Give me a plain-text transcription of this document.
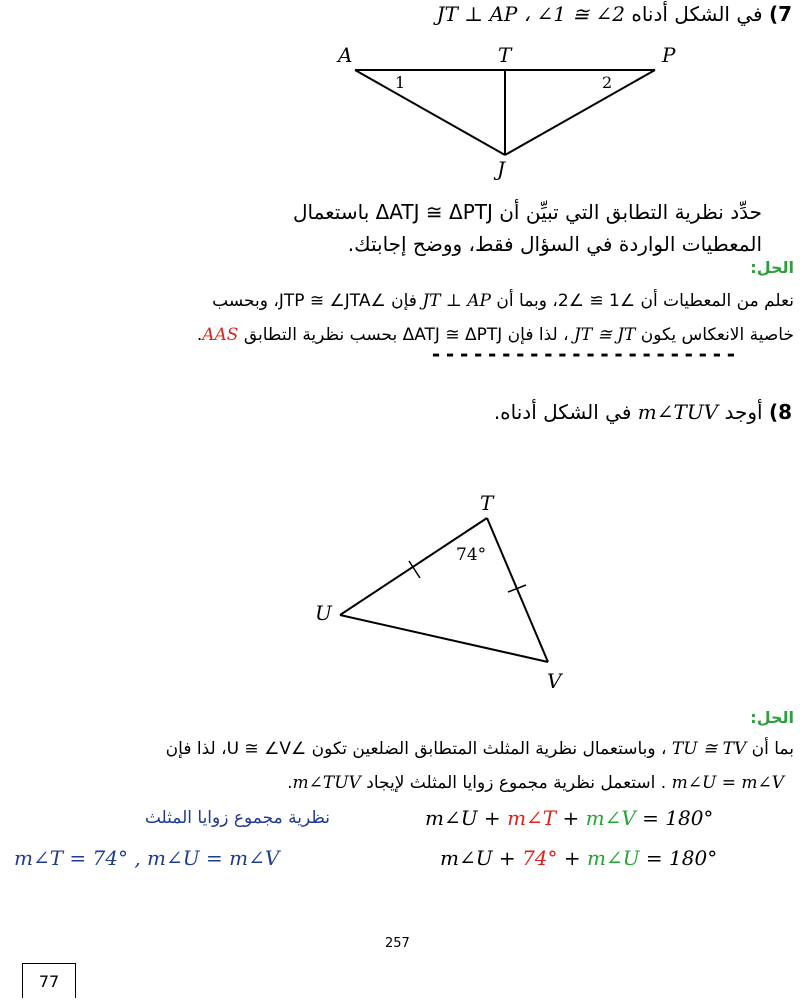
7) في الشكل أدناه JT ⊥ AP ، ∠1 ≅ ∠2
A	T	P
J
1	2
حدِّد نظرية التطابق التي تبيِّن أن ΔATJ ≅ ΔPTJ باستعمال
المعطيات الواردة في السؤال فقط، ووضح إجابتك.
الحل:
نعلم من المعطيات أن ∠1 ≅ ∠2، وبما أن JT ⊥ AP فإن ∠JTP ≅ ∠JTA، وبحسب
خاصية الانعكاس يكون JT ≅ JT ، لذا فإن ΔATJ ≅ ΔPTJ بحسب نظرية التطابق AAS.
----------------------
8) أوجد m∠TUV في الشكل أدناه.
T
U
V
74°
الحل:
بما أن TU ≅ TV ، وباستعمال نظرية المثلث المتطابق الضلعين تكون ∠U ≅ ∠V، لذا فإن
m∠U = m∠V . استعمل نظرية مجموع زوايا المثلث لإيجاد m∠TUV.
m∠U + m∠T + m∠V = 180°
نظرية مجموع زوايا المثلث
m∠U + 74° + m∠U = 180°
m∠T = 74° , m∠U = m∠V
257
77
